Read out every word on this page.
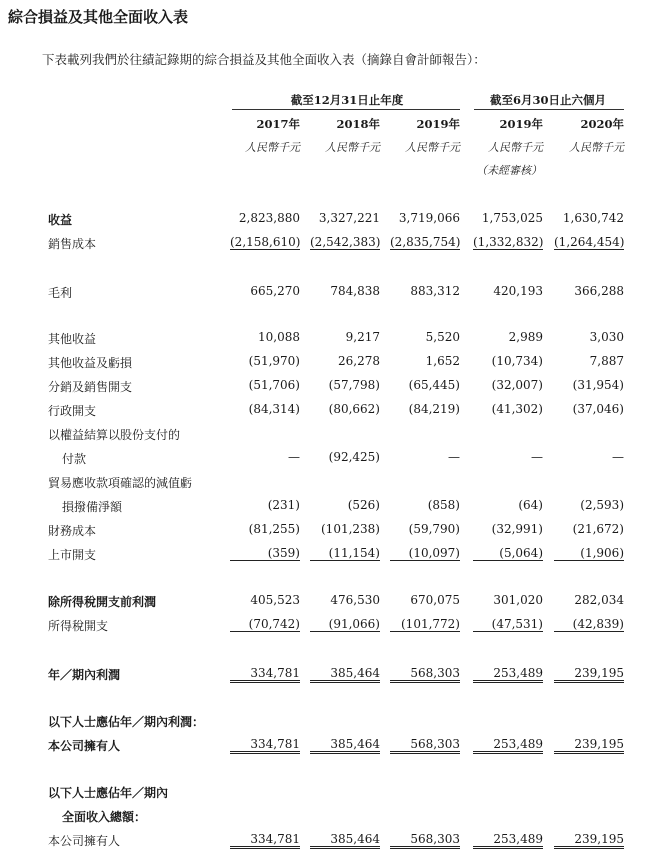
綜合損益及其他全面收入表
下表載列我們於往績記錄期的綜合損益及其他全面收入表（摘錄自會計師報告）：
截至12月31日止年度	截至6月30日止六個月
2017年	2018年	2019年	2019年	2020年
人民幣千元	人民幣千元	人民幣千元	人民幣千元	人民幣千元
（未經審核）
收益	2,823,880	3,327,221	3,719,066	1,753,025	1,630,742
銷售成本	(2,158,610) (2,542,383) (2,835,754) (1,332,832) (1,264,454)
毛利	665,270	784,838	883,312	420,193	366,288
其他收益	10,088	9,217	5,520	2,989	3,030
其他收益及虧損	(51,970)	26,278	1,652	(10,734)	7,887
分銷及銷售開支	(51,706)	(57,798)	(65,445)	(32,007)	(31,954)
行政開支	(84,314)	(80,662)	(84,219)	(41,302)	(37,046)
以權益結算以股份支付的
付款	—	(92,425)	—	—	—
貿易應收款項確認的減值虧
損撥備淨額	(231)	(526)	(858)	(64)	(2,593)
財務成本	(81,255)	(101,238)	(59,790)	(32,991)	(21,672)
上市開支	(359)	(11,154)	(10,097)	(5,064)	(1,906)
除所得稅開支前利潤	405,523	476,530	670,075	301,020	282,034
所得稅開支	(70,742)	(91,066)	(101,772)	(47,531)	(42,839)
年／期內利潤	334,781	385,464	568,303	253,489	239,195
以下人士應佔年／期內利潤：
本公司擁有人	334,781	385,464	568,303	253,489	239,195
以下人士應佔年／期內
全面收入總額：
本公司擁有人	334,781	385,464	568,303	253,489	239,195
